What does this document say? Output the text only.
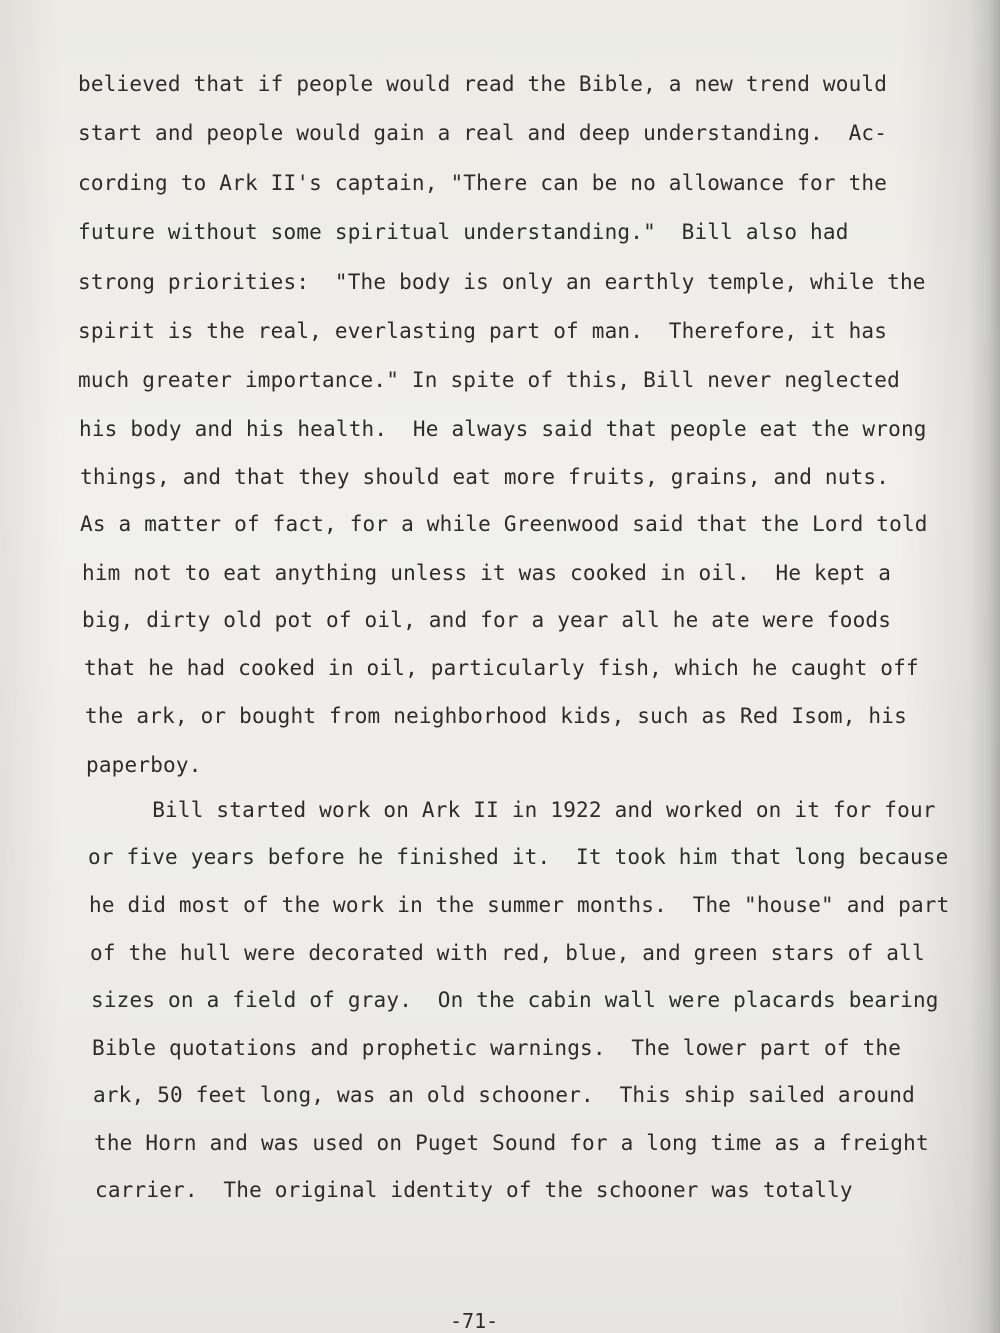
believed that if people would read the Bible, a new trend would
start and people would gain a real and deep understanding.  Ac-
cording to Ark II's captain, "There can be no allowance for the
future without some spiritual understanding."  Bill also had
strong priorities:  "The body is only an earthly temple, while the
spirit is the real, everlasting part of man.  Therefore, it has
much greater importance." In spite of this, Bill never neglected
his body and his health.  He always said that people eat the wrong
things, and that they should eat more fruits, grains, and nuts.
As a matter of fact, for a while Greenwood said that the Lord told
him not to eat anything unless it was cooked in oil.  He kept a
big, dirty old pot of oil, and for a year all he ate were foods
that he had cooked in oil, particularly fish, which he caught off
the ark, or bought from neighborhood kids, such as Red Isom, his
paperboy.
Bill started work on Ark II in 1922 and worked on it for four
or five years before he finished it.  It took him that long because
he did most of the work in the summer months.  The "house" and part
of the hull were decorated with red, blue, and green stars of all
sizes on a field of gray.  On the cabin wall were placards bearing
Bible quotations and prophetic warnings.  The lower part of the
ark, 50 feet long, was an old schooner.  This ship sailed around
the Horn and was used on Puget Sound for a long time as a freight
carrier.  The original identity of the schooner was totally
-71-
